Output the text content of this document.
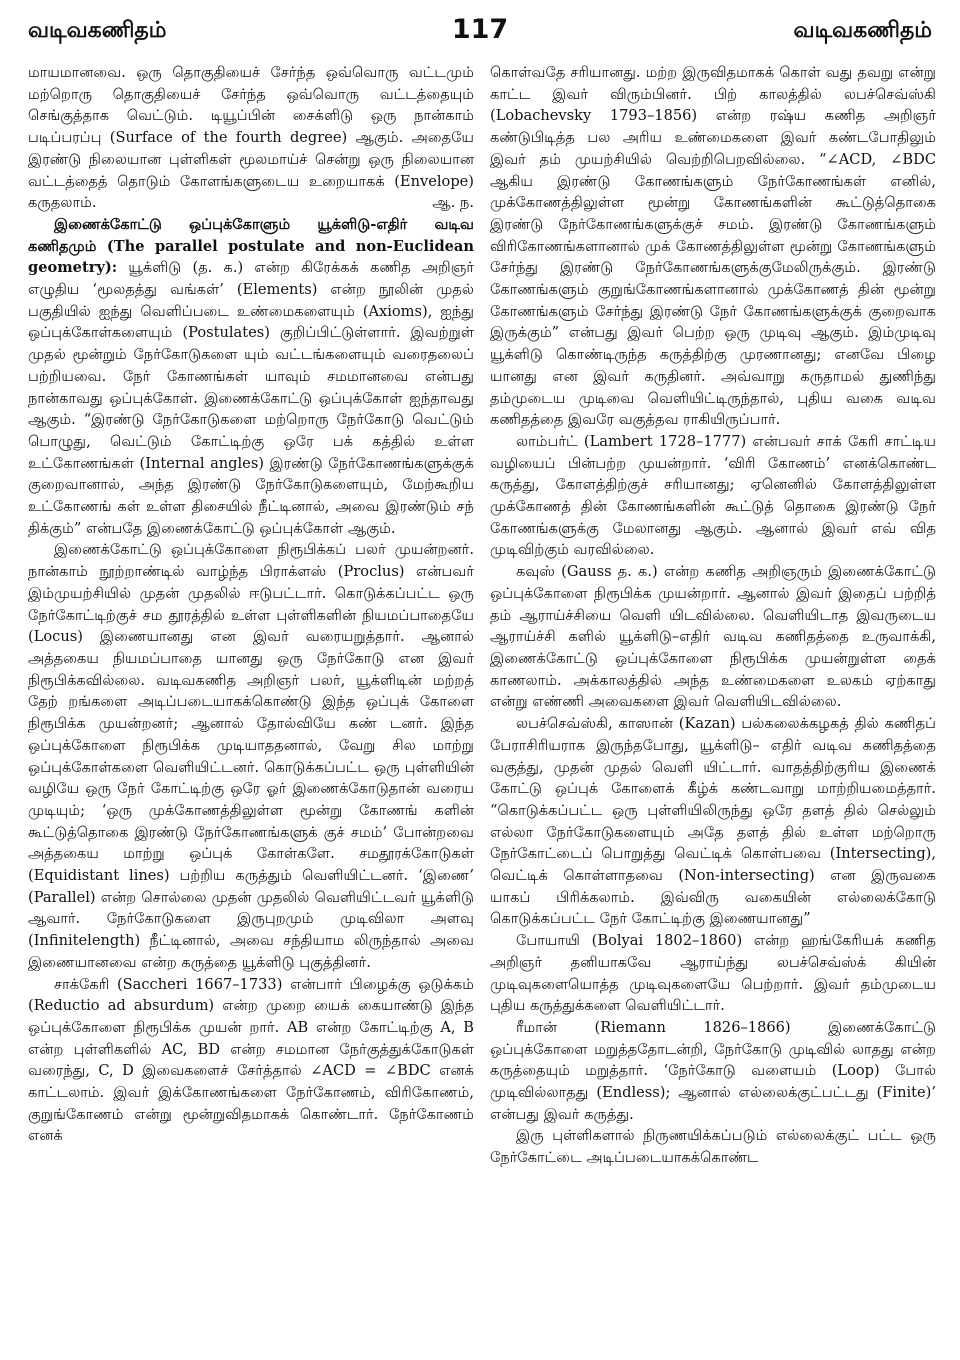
வடிவகணிதம்	117	வடிவகணிதம்

மாயமானவை. ஒரு தொகுதியைச் சேர்ந்த ஒவ்வொரு வட்டமும் மற்றொரு தொகுதியைச் சேர்ந்த ஒவ்வொரு வட்டத்தையும் செங்குத்தாக வெட்டும். டியூப்பின் சைக்ளிடு ஒரு நான்காம் படிப்பரப்பு (Surface of the fourth degree) ஆகும். அதையே இரண்டு நிலையான புள்ளிகள் மூலமாய்ச் சென்று ஒரு நிலையான வட்டத்தைத் தொடும் கோளங்களுடைய உறையாகக் (Envelope) கருதலாம்.	ஆ. ந.

இணைக்கோட்டு ஒப்புக்கோளும் யூக்ளிடு-எதிர் வடிவ கணிதமும் (The parallel postulate and non-Euclidean geometry): யூக்ளிடு (த. க.) என்ற கிரேக்கக் கணித அறிஞர் எழுதிய ‘மூலதத்து வங்கள்’ (Elements) என்ற நூலின் முதல் பகுதியில் ஐந்து வெளிப்படை உண்மைகளையும் (Axioms), ஐந்து ஒப்புக்கோள்களையும் (Postulates) குறிப்பிட்டுள்ளார். இவற்றுள் முதல் மூன்றும் நேர்கோடுகளை யும் வட்டங்களையும் வரைதலைப் பற்றியவை. நேர் கோணங்கள் யாவும் சமமானவை என்பது நான்காவது ஒப்புக்கோள். இணைக்கோட்டு ஒப்புக்கோள் ஐந்தாவது ஆகும். “இரண்டு நேர்கோடுகளை மற்றொரு நேர்கோடு வெட்டும் பொழுது, வெட்டும் கோட்டிற்கு ஒரே பக் கத்தில் உள்ள உட்கோணங்கள் (Internal angles) இரண்டு நேர்கோணங்களுக்குக் குறைவானால், அந்த இரண்டு நேர்கோடுகளையும், மேற்கூறிய உட்கோணங் கள் உள்ள திசையில் நீட்டினால், அவை இரண்டும் சந் திக்கும்” என்பதே இணைக்கோட்டு ஒப்புக்கோள் ஆகும்.

இணைக்கோட்டு ஒப்புக்கோளை நிரூபிக்கப் பலர் முயன்றனர். நான்காம் நூற்றாண்டில் வாழ்ந்த பிராக்ளஸ் (Proclus) என்பவர் இம்முயற்சியில் முதன் முதலில் ஈடுபட்டார். கொடுக்கப்பட்ட ஒரு நேர்கோட்டிற்குச் சம தூரத்தில் உள்ள புள்ளிகளின் நியமப்பாதையே (Locus) இணையானது என இவர் வரையறுத்தார். ஆனால் அத்தகைய நியமப்பாதை யானது ஒரு நேர்கோடு என இவர் நிரூபிக்கவில்லை. வடிவகணித அறிஞர் பலர், யூக்ளிடின் மற்றத் தேற் றங்களை அடிப்படையாகக்கொண்டு இந்த ஒப்புக் கோளை நிரூபிக்க முயன்றனர்; ஆனால் தோல்வியே கண் டனர். இந்த ஒப்புக்கோளை நிரூபிக்க முடியாததனால், வேறு சில மாற்று ஒப்புக்கோள்களை வெளியிட்டனர். கொடுக்கப்பட்ட ஒரு புள்ளியின் வழியே ஒரு நேர் கோட்டிற்கு ஒரே ஓர் இணைக்கோடுதான் வரைய முடியும்; ‘ஒரு முக்கோணத்திலுள்ள மூன்று கோணங் களின் கூட்டுத்தொகை இரண்டு நேர்கோணங்களுக் குச் சமம்’ போன்றவை அத்தகைய மாற்று ஒப்புக் கோள்களே. சமதூரக்கோடுகள் (Equidistant lines) பற்றிய கருத்தும் வெளியிட்டனர். ‘இணை’ (Parallel) என்ற சொல்லை முதன் முதலில் வெளியிட்டவர் யூக்ளிடு ஆவார். நேர்கோடுகளை இருபுறமும் முடிவிலா அளவு (Infinitelength) நீட்டினால், அவை சந்தியாம லிருந்தால் அவை இணையானவை என்ற கருத்தை யூக்ளிடு புகுத்தினர்.

சாக்கேரி (Saccheri 1667–1733) என்பார் பிழைக்கு ஒடுக்கம் (Reductio ad absurdum) என்ற முறை யைக் கையாண்டு இந்த ஒப்புக்கோளை நிரூபிக்க முயன் றார். AB என்ற கோட்டிற்கு A, B என்ற புள்ளிகளில் AC, BD என்ற சமமான நேர்குத்துக்கோடுகள் வரைந்து, C, D இவைகளைச் சேர்த்தால் ∠ACD = ∠BDC எனக் காட்டலாம். இவர் இக்கோணங்களை நேர்கோணம், விரிகோணம், குறுங்கோணம் என்று மூன்றுவிதமாகக் கொண்டார். நேர்கோணம் எனக்

கொள்வதே சரியானது. மற்ற இருவிதமாகக் கொள் வது தவறு என்று காட்ட இவர் விரும்பினர். பிற் காலத்தில் லபச்செவ்ஸ்கி (Lobachevsky 1793–1856) என்ற ரஷ்ய கணித அறிஞர் கண்டுபிடித்த பல அரிய உண்மைகளை இவர் கண்டபோதிலும் இவர் தம் முயற்சியில் வெற்றிபெறவில்லை. “∠ACD, ∠BDC ஆகிய இரண்டு கோணங்களும் நேர்கோணங்கள் எனில், முக்கோணத்திலுள்ள மூன்று கோணங்களின் கூட்டுத்தொகை இரண்டு நேர்கோணங்களுக்குச் சமம். இரண்டு கோணங்களும் விரிகோணங்களானால் முக் கோணத்திலுள்ள மூன்று கோணங்களும் சேர்ந்து இரண்டு நேர்கோணங்களுக்குமேலிருக்கும். இரண்டு கோணங்களும் குறுங்கோணங்களானால் முக்கோணத் தின் மூன்று கோணங்களும் சேர்ந்து இரண்டு நேர் கோணங்களுக்குக் குறைவாக இருக்கும்” என்பது இவர் பெற்ற ஒரு முடிவு ஆகும். இம்முடிவு யூக்ளிடு கொண்டிருந்த கருத்திற்கு முரணானது; எனவே பிழை யானது என இவர் கருதினர். அவ்வாறு கருதாமல் துணிந்து தம்முடைய முடிவை வெளியிட்டிருந்தால், புதிய வகை வடிவ கணிதத்தை இவரே வகுத்தவ ராகியிருப்பார்.

லாம்பர்ட் (Lambert 1728–1777) என்பவர் சாக் கேரி சாட்டிய வழியைப் பின்பற்ற முயன்றார். ‘விரி கோணம்’ எனக்கொண்ட கருத்து, கோளத்திற்குச் சரியானது; ஏனெனில் கோளத்திலுள்ள முக்கோணத் தின் கோணங்களின் கூட்டுத் தொகை இரண்டு நேர் கோணங்களுக்கு மேலானது ஆகும். ஆனால் இவர் எவ் வித முடிவிற்கும் வரவில்லை.

கவுஸ் (Gauss த. க.) என்ற கணித அறிஞரும் இணைக்கோட்டு ஒப்புக்கோளை நிரூபிக்க முயன்றார். ஆனால் இவர் இதைப் பற்றித் தம் ஆராய்ச்சியை வெளி யிடவில்லை. வெளியிடாத இவருடைய ஆராய்ச்சி களில் யூக்ளிடு–எதிர் வடிவ கணிதத்தை உருவாக்கி, இணைக்கோட்டு ஒப்புக்கோளை நிரூபிக்க முயன்றுள்ள தைக் காணலாம். அக்காலத்தில் அந்த உண்மைகளை உலகம் ஏற்காது என்று எண்ணி அவைகளை இவர் வெளியிடவில்லை.

லபச்செவ்ஸ்கி, காஸான் (Kazan) பல்கலைக்கழகத் தில் கணிதப் பேராசிரியராக இருந்தபோது, யூக்ளிடு– எதிர் வடிவ கணிதத்தை வகுத்து, முதன் முதல் வெளி யிட்டார். வாதத்திற்குரிய இணைக் கோட்டு ஒப்புக் கோளைக் கீழ்க் கண்டவாறு மாற்றியமைத்தார். “கொடுக்கப்பட்ட ஒரு புள்ளியிலிருந்து ஒரே தளத் தில் செல்லும் எல்லா நேர்கோடுகளையும் அதே தளத் தில் உள்ள மற்றொரு நேர்கோட்டைப் பொறுத்து வெட்டிக் கொள்பவை (Intersecting), வெட்டிக் கொள்ளாதவை (Non-intersecting) என இருவகை யாகப் பிரிக்கலாம். இவ்விரு வகையின் எல்லைக்கோடு கொடுக்கப்பட்ட நேர் கோட்டிற்கு இணையானது”

போயாயி (Bolyai 1802–1860) என்ற ஹங்கேரியக் கணித அறிஞர் தனியாகவே ஆராய்ந்து லபச்செவ்ஸ்க் கியின் முடிவுகளையொத்த முடிவுகளையே பெற்றார். இவர் தம்முடைய புதிய கருத்துக்களை வெளியிட்டார்.

ரீமான் (Riemann 1826–1866) இணைக்கோட்டு ஒப்புக்கோளை மறுத்ததோடன்றி, நேர்கோடு முடிவில் லாதது என்ற கருத்தையும் மறுத்தார். ‘நேர்கோடு வளையம் (Loop) போல் முடிவில்லாதது (Endless); ஆனால் எல்லைக்குட்பட்டது (Finite)’ என்பது இவர் கருத்து.

இரு புள்ளிகளால் நிருணயிக்கப்படும் எல்லைக்குட் பட்ட ஒரு நேர்கோட்டை அடிப்படையாகக்கொண்ட
